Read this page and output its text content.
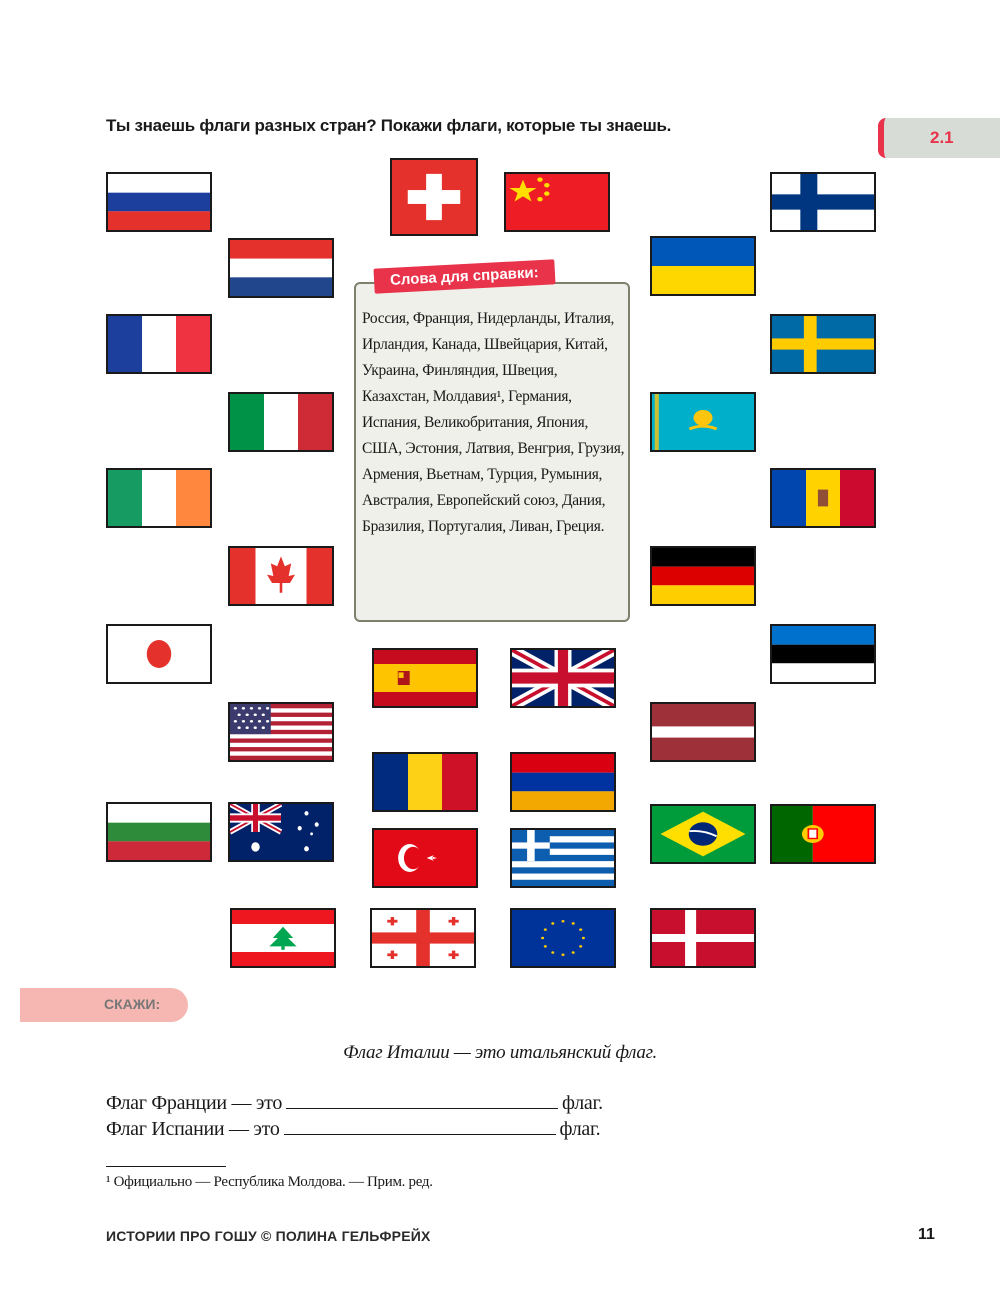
Ты знаешь флаги разных стран? Покажи флаги, которые ты знаешь.
2.1
Слова для справки:
Россия, Франция, Нидерланды, Италия, Ирландия, Канада, Швейцария, Китай, Украина, Финляндия, Швеция, Казахстан, Молдавия¹, Германия, Испания, Великобритания, Япония, США, Эстония, Латвия, Венгрия, Грузия, Армения, Вьетнам, Турция, Румыния, Австралия, Европейский союз, Дания, Бразилия, Португалия, Ливан, Греция.
СКАЖИ:
Флаг Италии — это итальянский флаг.
Флаг Франции — это	флаг.
Флаг Испании — это	флаг.
¹ Официально — Республика Молдова. — Прим. ред.
ИСТОРИИ ПРО ГОШУ © ПОЛИНА ГЕЛЬФРЕЙХ	11
